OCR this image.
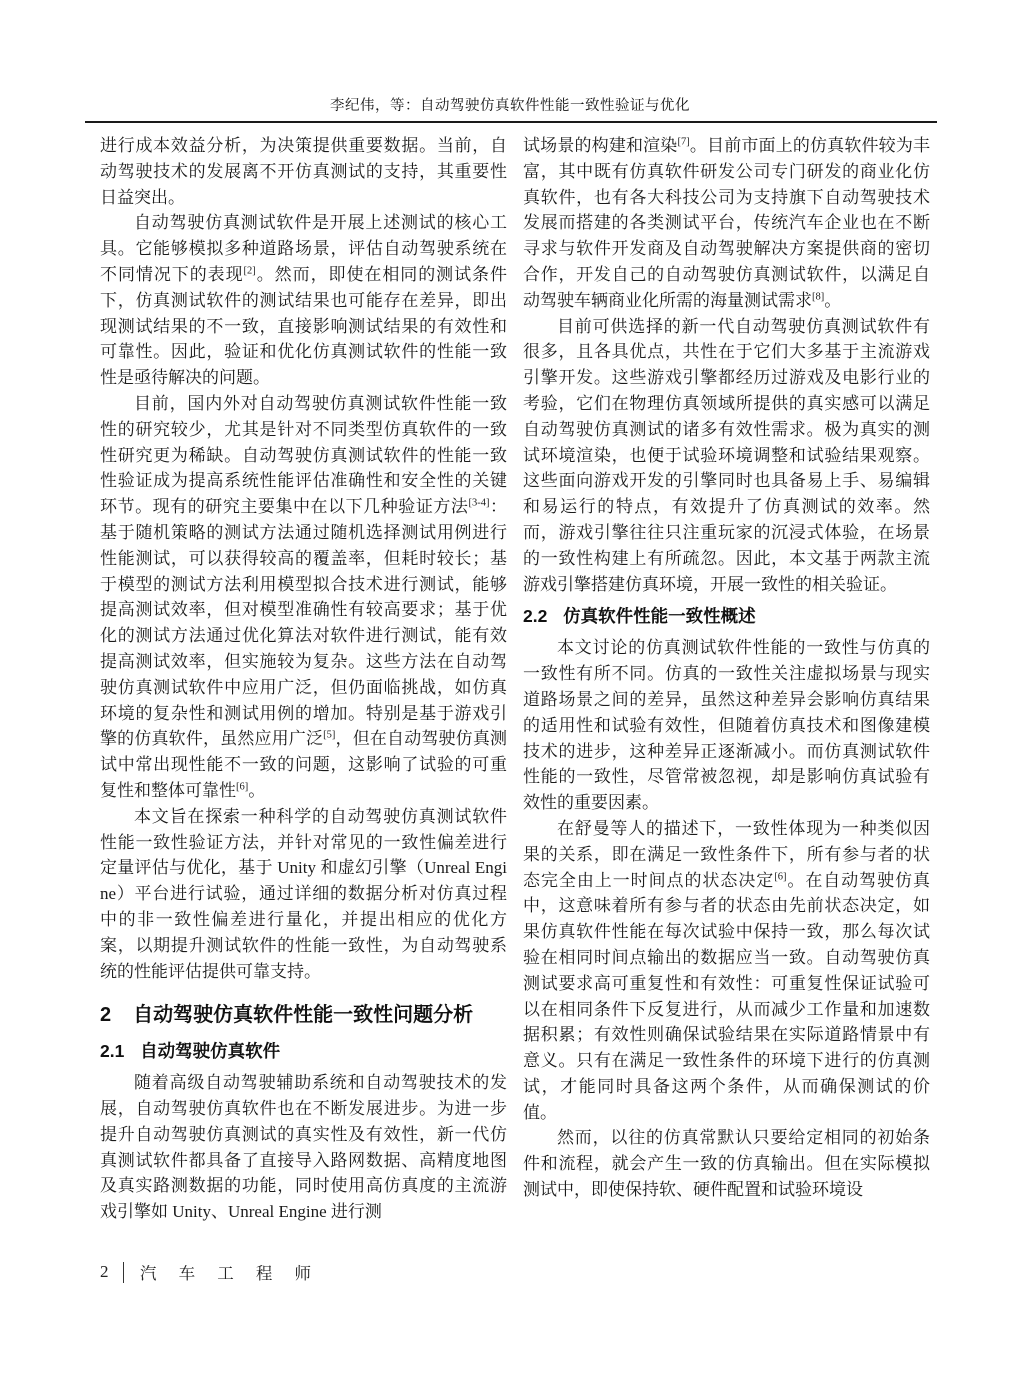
李纪伟，等：自动驾驶仿真软件性能一致性验证与优化

进行成本效益分析，为决策提供重要数据。当前，自动驾驶技术的发展离不开仿真测试的支持，其重要性日益突出。

自动驾驶仿真测试软件是开展上述测试的核心工具。它能够模拟多种道路场景，评估自动驾驶系统在不同情况下的表现[2]。然而，即使在相同的测试条件下，仿真测试软件的测试结果也可能存在差异，即出现测试结果的不一致，直接影响测试结果的有效性和可靠性。因此，验证和优化仿真测试软件的性能一致性是亟待解决的问题。

目前，国内外对自动驾驶仿真测试软件性能一致性的研究较少，尤其是针对不同类型仿真软件的一致性研究更为稀缺。自动驾驶仿真测试软件的性能一致性验证成为提高系统性能评估准确性和安全性的关键环节。现有的研究主要集中在以下几种验证方法[3-4]：基于随机策略的测试方法通过随机选择测试用例进行性能测试，可以获得较高的覆盖率，但耗时较长；基于模型的测试方法利用模型拟合技术进行测试，能够提高测试效率，但对模型准确性有较高要求；基于优化的测试方法通过优化算法对软件进行测试，能有效提高测试效率，但实施较为复杂。这些方法在自动驾驶仿真测试软件中应用广泛，但仍面临挑战，如仿真环境的复杂性和测试用例的增加。特别是基于游戏引擎的仿真软件，虽然应用广泛[5]，但在自动驾驶仿真测试中常出现性能不一致的问题，这影响了试验的可重复性和整体可靠性[6]。

本文旨在探索一种科学的自动驾驶仿真测试软件性能一致性验证方法，并针对常见的一致性偏差进行定量评估与优化，基于 Unity 和虚幻引擎（Unreal Engine）平台进行试验，通过详细的数据分析对仿真过程中的非一致性偏差进行量化，并提出相应的优化方案，以期提升测试软件的性能一致性，为自动驾驶系统的性能评估提供可靠支持。

2 自动驾驶仿真软件性能一致性问题分析
2.1 自动驾驶仿真软件

随着高级自动驾驶辅助系统和自动驾驶技术的发展，自动驾驶仿真软件也在不断发展进步。为进一步提升自动驾驶仿真测试的真实性及有效性，新一代仿真测试软件都具备了直接导入路网数据、高精度地图及真实路测数据的功能，同时使用高仿真度的主流游戏引擎如 Unity、Unreal Engine 进行测

试场景的构建和渲染[7]。目前市面上的仿真软件较为丰富，其中既有仿真软件研发公司专门研发的商业化仿真软件，也有各大科技公司为支持旗下自动驾驶技术发展而搭建的各类测试平台，传统汽车企业也在不断寻求与软件开发商及自动驾驶解决方案提供商的密切合作，开发自己的自动驾驶仿真测试软件，以满足自动驾驶车辆商业化所需的海量测试需求[8]。

目前可供选择的新一代自动驾驶仿真测试软件有很多，且各具优点，共性在于它们大多基于主流游戏引擎开发。这些游戏引擎都经历过游戏及电影行业的考验，它们在物理仿真领域所提供的真实感可以满足自动驾驶仿真测试的诸多有效性需求。极为真实的测试环境渲染，也便于试验环境调整和试验结果观察。这些面向游戏开发的引擎同时也具备易上手、易编辑和易运行的特点，有效提升了仿真测试的效率。然而，游戏引擎往往只注重玩家的沉浸式体验，在场景的一致性构建上有所疏忽。因此，本文基于两款主流游戏引擎搭建仿真环境，开展一致性的相关验证。

2.2 仿真软件性能一致性概述

本文讨论的仿真测试软件性能的一致性与仿真的一致性有所不同。仿真的一致性关注虚拟场景与现实道路场景之间的差异，虽然这种差异会影响仿真结果的适用性和试验有效性，但随着仿真技术和图像建模技术的进步，这种差异正逐渐减小。而仿真测试软件性能的一致性，尽管常被忽视，却是影响仿真试验有效性的重要因素。

在舒曼等人的描述下，一致性体现为一种类似因果的关系，即在满足一致性条件下，所有参与者的状态完全由上一时间点的状态决定[6]。在自动驾驶仿真中，这意味着所有参与者的状态由先前状态决定，如果仿真软件性能在每次试验中保持一致，那么每次试验在相同时间点输出的数据应当一致。自动驾驶仿真测试要求高可重复性和有效性：可重复性保证试验可以在相同条件下反复进行，从而减少工作量和加速数据积累；有效性则确保试验结果在实际道路情景中有意义。只有在满足一致性条件的环境下进行的仿真测试，才能同时具备这两个条件，从而确保测试的价值。

然而，以往的仿真常默认只要给定相同的初始条件和流程，就会产生一致的仿真输出。但在实际模拟测试中，即使保持软、硬件配置和试验环境设

2 汽 车 工 程 师
